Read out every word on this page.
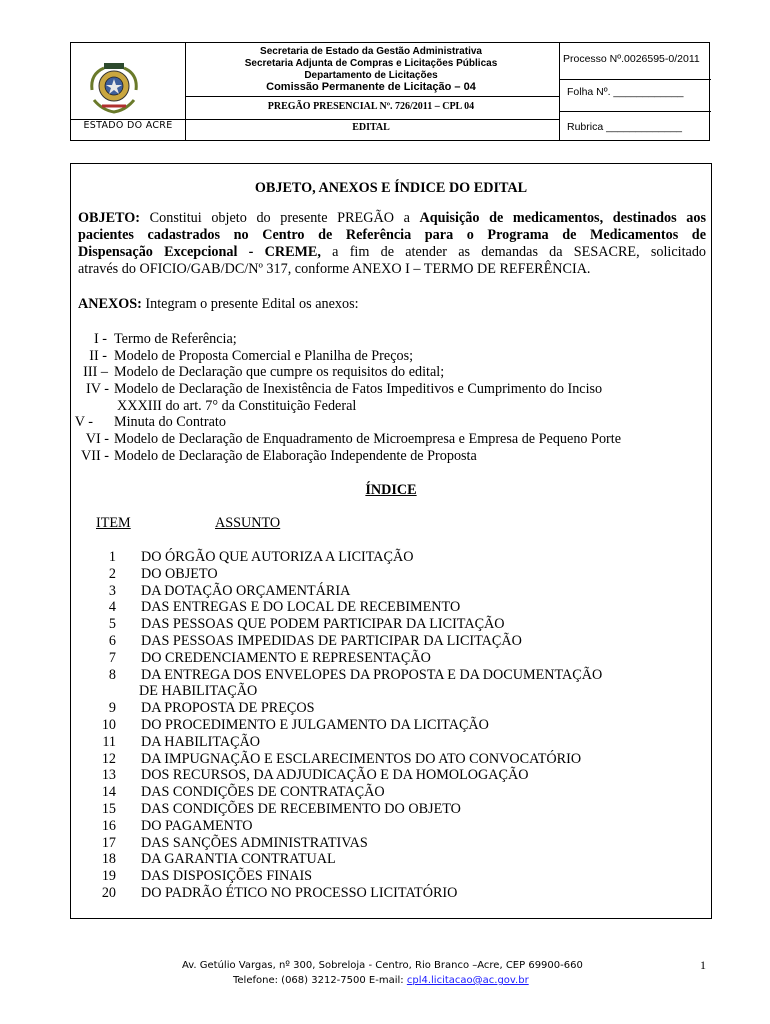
ESTADO DO ACRE
Secretaria de Estado da Gestão Administrativa
Secretaria Adjunta de Compras e Licitações Públicas
Departamento de Licitações
Comissão Permanente de Licitação – 04
PREGÃO PRESENCIAL Nº. 726/2011 – CPL 04
EDITAL
Processo Nº.0026595-0/2011
Folha Nº. ____________
Rubrica _____________
OBJETO, ANEXOS E ÍNDICE DO EDITAL
OBJETO: Constitui objeto do presente PREGÃO a Aquisição de medicamentos, destinados aos
pacientes cadastrados no Centro de Referência para o Programa de Medicamentos de
Dispensação Excepcional - CREME, a fim de atender as demandas da SESACRE, solicitado
através do OFICIO/GAB/DC/Nº 317, conforme ANEXO I – TERMO DE REFERÊNCIA.
ANEXOS: Integram o presente Edital os anexos:
I - Termo de Referência;
II - Modelo de Proposta Comercial e Planilha de Preços;
III – Modelo de Declaração que cumpre os requisitos do edital;
IV - Modelo de Declaração de Inexistência de Fatos Impeditivos e Cumprimento do Inciso
XXXIII do art. 7° da Constituição Federal
V - Minuta do Contrato
VI - Modelo de Declaração de Enquadramento de Microempresa e Empresa de Pequeno Porte
VII - Modelo de Declaração de Elaboração Independente de Proposta
ÍNDICE
ITEM	ASSUNTO
1 DO ÓRGÃO QUE AUTORIZA A LICITAÇÃO
2 DO OBJETO
3 DA DOTAÇÃO ORÇAMENTÁRIA
4 DAS ENTREGAS E DO LOCAL DE RECEBIMENTO
5 DAS PESSOAS QUE PODEM PARTICIPAR DA LICITAÇÃO
6 DAS PESSOAS IMPEDIDAS DE PARTICIPAR DA LICITAÇÃO
7 DO CREDENCIAMENTO E REPRESENTAÇÃO
8 DA ENTREGA DOS ENVELOPES DA PROPOSTA E DA DOCUMENTAÇÃO
DE HABILITAÇÃO
9 DA PROPOSTA DE PREÇOS
10 DO PROCEDIMENTO E JULGAMENTO DA LICITAÇÃO
11 DA HABILITAÇÃO
12 DA IMPUGNAÇÃO E ESCLARECIMENTOS DO ATO CONVOCATÓRIO
13 DOS RECURSOS, DA ADJUDICAÇÃO E DA HOMOLOGAÇÃO
14 DAS CONDIÇÕES DE CONTRATAÇÃO
15 DAS CONDIÇÕES DE RECEBIMENTO DO OBJETO
16 DO PAGAMENTO
17 DAS SANÇÕES ADMINISTRATIVAS
18 DA GARANTIA CONTRATUAL
19 DAS DISPOSIÇÕES FINAIS
20 DO PADRÃO ÉTICO NO PROCESSO LICITATÓRIO
Av. Getúlio Vargas, nº 300, Sobreloja - Centro, Rio Branco –Acre, CEP 69900-660
Telefone: (068) 3212-7500 E-mail: cpl4.licitacao@ac.gov.br
1
